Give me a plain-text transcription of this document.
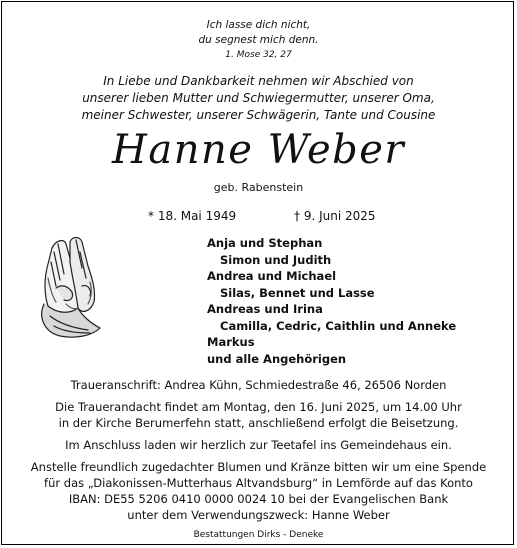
Ich lasse dich nicht,
du segnest mich denn.
1. Mose 32, 27
In Liebe und Dankbarkeit nehmen wir Abschied von
unserer lieben Mutter und Schwiegermutter, unserer Oma,
meiner Schwester, unserer Schwägerin, Tante und Cousine
Hanne Weber
geb. Rabenstein
* 18. Mai 1949	† 9. Juni 2025
Anja und Stephan
Simon und Judith
Andrea und Michael
Silas, Bennet und Lasse
Andreas und Irina
Camilla, Cedric, Caithlin und Anneke
Markus
und alle Angehörigen
Traueranschrift: Andrea Kühn, Schmiedestraße 46, 26506 Norden
Die Trauerandacht findet am Montag, den 16. Juni 2025, um 14.00 Uhr
in der Kirche Berumerfehn statt, anschließend erfolgt die Beisetzung.
Im Anschluss laden wir herzlich zur Teetafel ins Gemeindehaus ein.
Anstelle freundlich zugedachter Blumen und Kränze bitten wir um eine Spende
für das „Diakonissen-Mutterhaus Altvandsburg“ in Lemförde auf das Konto
IBAN: DE55 5206 0410 0000 0024 10 bei der Evangelischen Bank
unter dem Verwendungszweck: Hanne Weber
Bestattungen Dirks - Deneke
